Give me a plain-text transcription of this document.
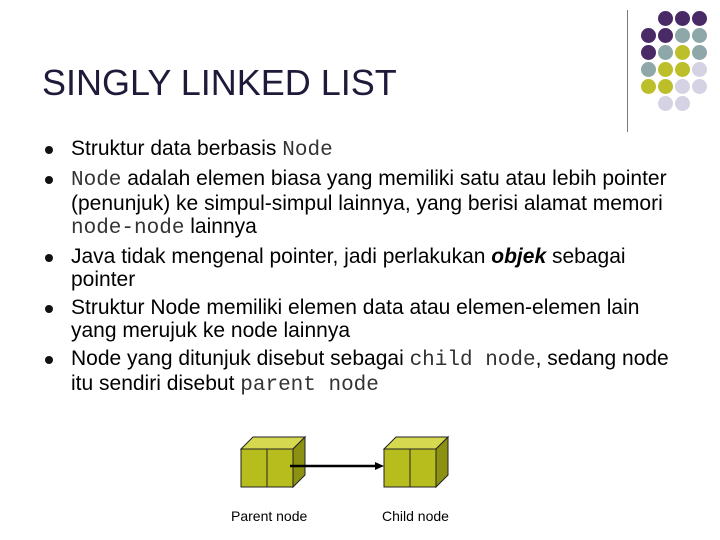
SINGLY LINKED LIST
Struktur data berbasis Node
Node adalah elemen biasa yang memiliki satu atau lebih pointer (penunjuk) ke simpul-simpul lainnya, yang berisi alamat memori node-node lainnya
Java tidak mengenal pointer, jadi perlakukan objek sebagai pointer
Struktur Node memiliki elemen data atau elemen-elemen lain yang merujuk ke node lainnya
Node yang ditunjuk disebut sebagai child node, sedang node itu sendiri disebut parent node
Parent node	Child node
